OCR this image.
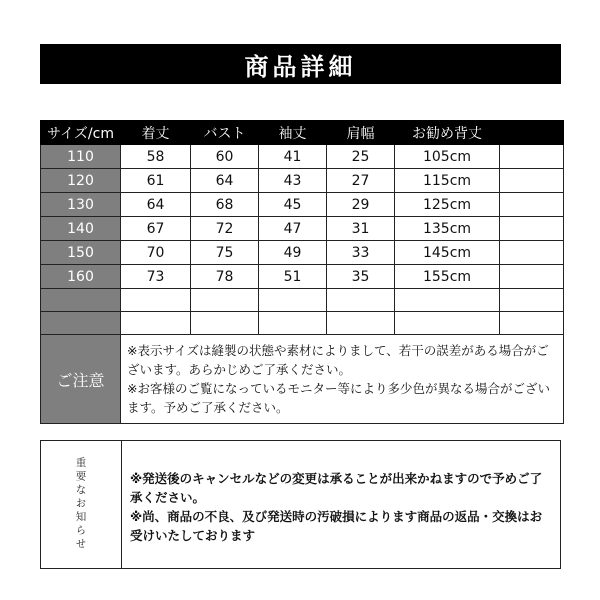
商品詳細
サイズ/cm	着丈	バスト	袖丈	肩幅	お勧め背丈	
110	58	60	41	25	105cm	
120	61	64	43	27	115cm	
130	64	68	45	29	125cm	
140	67	72	47	31	135cm	
150	70	75	49	33	145cm	
160	73	78	51	35	155cm	

ご注意	※表示サイズは縫製の状態や素材によりまして、若干の誤差がある場合がございます。あらかじめご了承ください。
※お客様のご覧になっているモニター等により多少色が異なる場合がございます。予めご了承ください。					
重要なお知らせ	※発送後のキャンセルなどの変更は承ることが出来かねますので予めご了承ください。
※尚、商品の不良、及び発送時の汚破損によります商品の返品・交換はお受けいたしております
